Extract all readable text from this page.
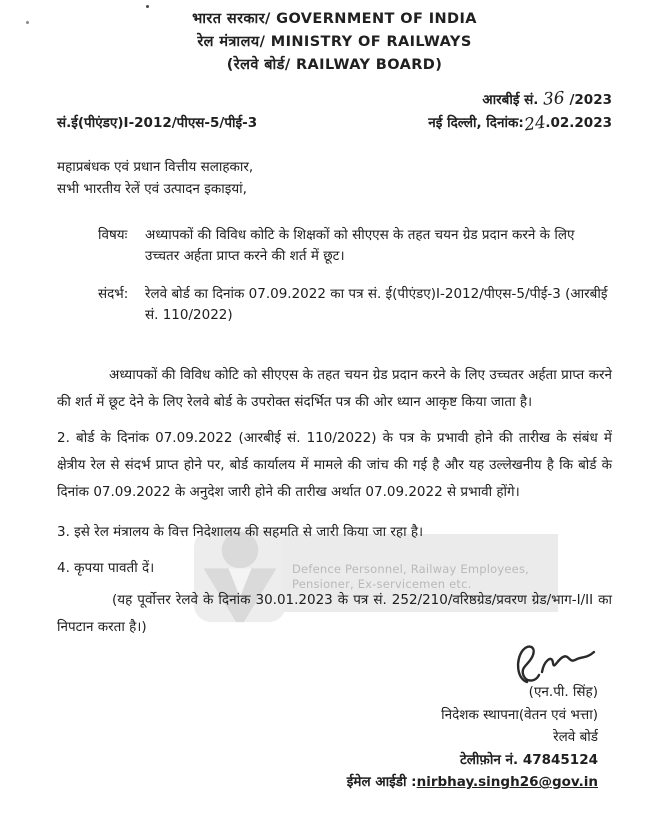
Defence Personnel, Railway Employees,
Pensioner, Ex-servicemen etc.
भारत सरकार/ GOVERNMENT OF INDIA
रेल मंत्रालय/ MINISTRY OF RAILWAYS
(रेलवे बोर्ड/ RAILWAY BOARD)
आरबीई सं. 36 /2023
सं.ई(पीएंडए)I-2012/पीएस-5/पीई-3	नई दिल्ली, दिनांक:24.02.2023
महाप्रबंधक एवं प्रधान वित्तीय सलाहकार,
सभी भारतीय रेलें एवं उत्पादन इकाइयां,
विषयः	अध्यापकों की विविध कोटि के शिक्षकों को सीएएस के तहत चयन ग्रेड प्रदान करने के लिए उच्चतर अर्हता प्राप्त करने की शर्त में छूट।
संदर्भ:	रेलवे बोर्ड का दिनांक 07.09.2022 का पत्र सं. ई(पीएंडए)I-2012/पीएस-5/पीई-3 (आरबीई सं. 110/2022)
अध्यापकों की विविध कोटि को सीएएस के तहत चयन ग्रेड प्रदान करने के लिए उच्चतर अर्हता प्राप्त करने की शर्त में छूट देने के लिए रेलवे बोर्ड के उपरोक्त संदर्भित पत्र की ओर ध्यान आकृष्ट किया जाता है।
2. बोर्ड के दिनांक 07.09.2022 (आरबीई सं. 110/2022) के पत्र के प्रभावी होने की तारीख के संबंध में क्षेत्रीय रेल से संदर्भ प्राप्त होने पर, बोर्ड कार्यालय में मामले की जांच की गई है और यह उल्लेखनीय है कि बोर्ड के दिनांक 07.09.2022 के अनुदेश जारी होने की तारीख अर्थात 07.09.2022 से प्रभावी होंगे।
3. इसे रेल मंत्रालय के वित्त निदेशालय की सहमति से जारी किया जा रहा है।
4. कृपया पावती दें।
(यह पूर्वोत्तर रेलवे के दिनांक 30.01.2023 के पत्र सं. 252/210/वरिष्ठग्रेड/प्रवरण ग्रेड/भाग-I/II का निपटान करता है।)
(एन.पी. सिंह)
निदेशक स्थापना(वेतन एवं भत्ता)
रेलवे बोर्ड
टेलीफ़ोन नं. 47845124
ईमेल आईडी :nirbhay.singh26@gov.in
